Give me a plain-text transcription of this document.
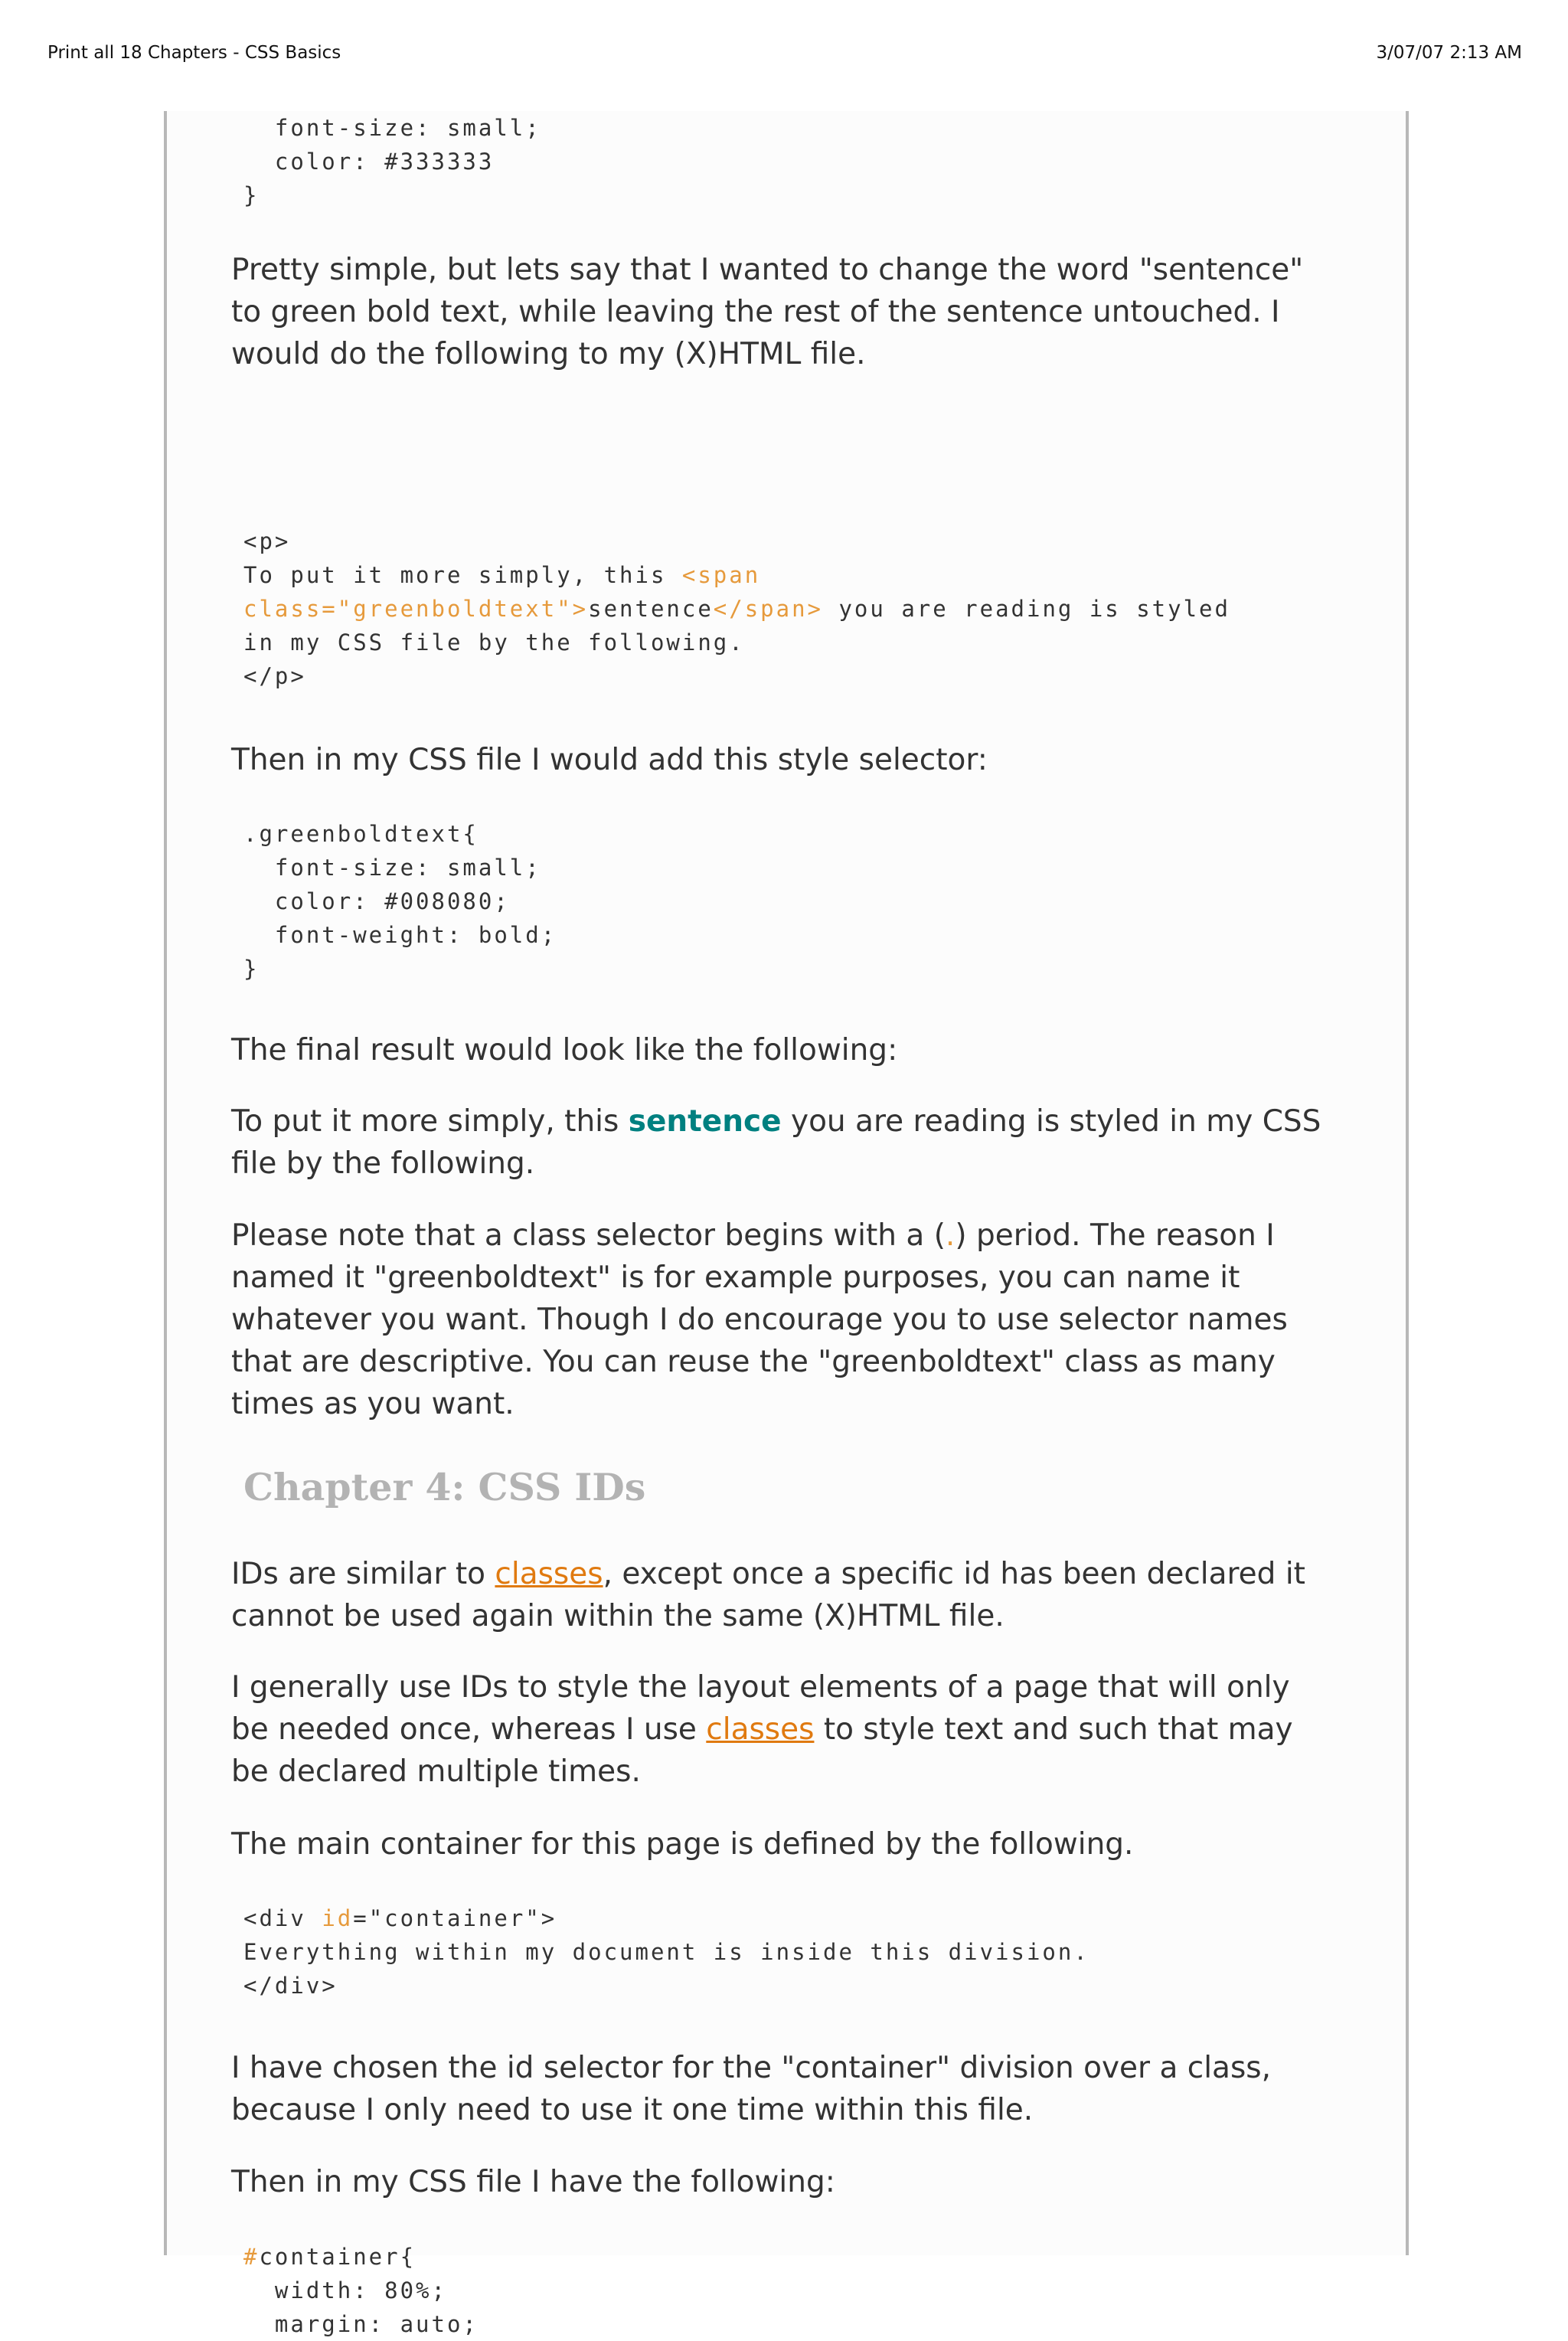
Print all 18 Chapters - CSS Basics	3/07/07 2:13 AM
font-size: small;
color: #333333
}

Pretty simple, but lets say that I wanted to change the word "sentence" to green bold text, while leaving the rest of the sentence untouched. I would do the following to my (X)HTML file.

<p>
To put it more simply, this <span
class="greenboldtext">sentence</span> you are reading is styled
in my CSS file by the following.
</p>

Then in my CSS file I would add this style selector:

.greenboldtext{
font-size: small;
color: #008080;
font-weight: bold;
}

The final result would look like the following:

To put it more simply, this sentence you are reading is styled in my CSS file by the following.

Please note that a class selector begins with a (.) period. The reason I named it "greenboldtext" is for example purposes, you can name it whatever you want. Though I do encourage you to use selector names that are descriptive. You can reuse the "greenboldtext" class as many times as you want.

Chapter 4: CSS IDs

IDs are similar to classes, except once a specific id has been declared it cannot be used again within the same (X)HTML file.

I generally use IDs to style the layout elements of a page that will only be needed once, whereas I use classes to style text and such that may be declared multiple times.

The main container for this page is defined by the following.

<div id="container">
Everything within my document is inside this division.
</div>

I have chosen the id selector for the "container" division over a class, because I only need to use it one time within this file.

Then in my CSS file I have the following:

#container{
width: 80%;
margin: auto;
